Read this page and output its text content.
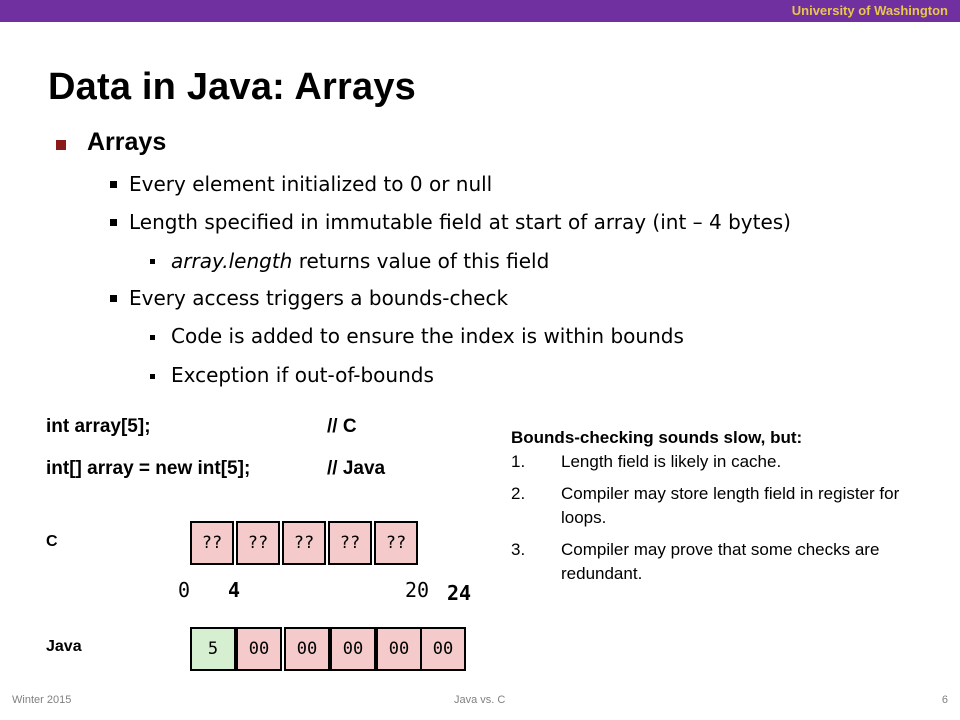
University of Washington
Data in Java: Arrays
Arrays
Every element initialized to 0 or null
Length specified in immutable field at start of array (int – 4 bytes)
array.length returns value of this field
Every access triggers a bounds-check
Code is added to ensure the index is within bounds
Exception if out-of-bounds
int array[5];	// C
int[] array = new int[5];	// Java
C	??	??	??	??	??
0 4	20 24
Java	5	00	00	00	00	00
Bounds-checking sounds slow, but:
1. Length field is likely in cache.
2. Compiler may store length field in register for loops.
3. Compiler may prove that some checks are redundant.
Winter 2015	Java vs. C	6
